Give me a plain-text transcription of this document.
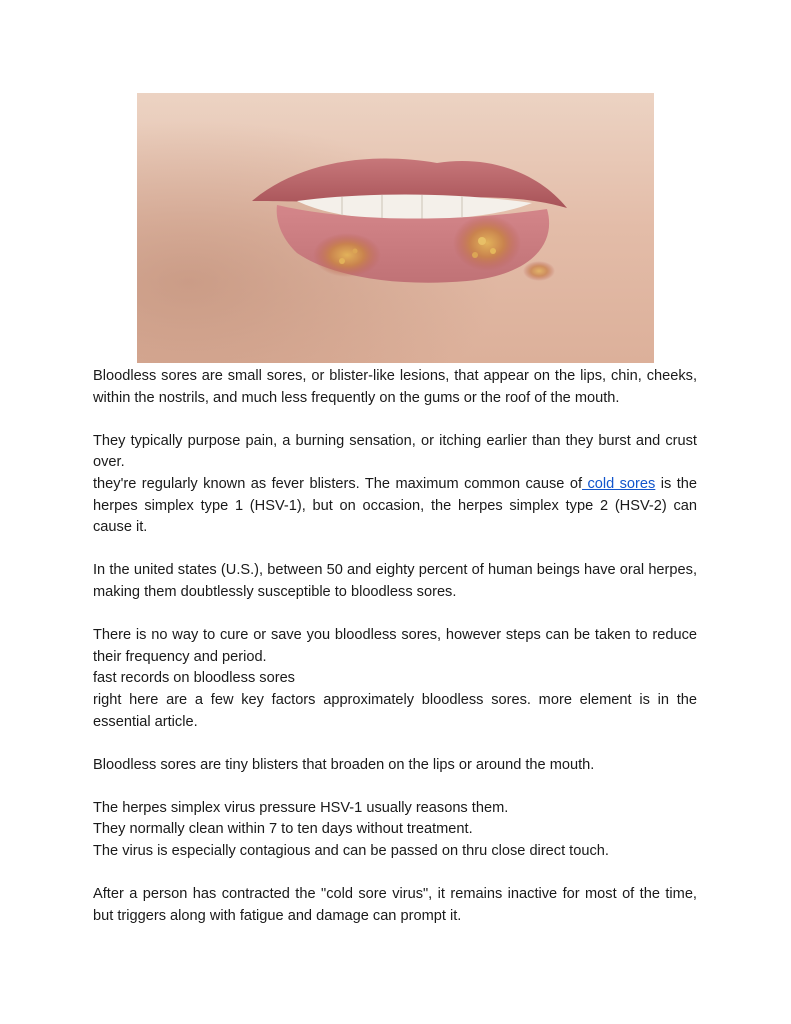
Bloodless sores are small sores, or blister-like lesions, that appear on the lips, chin, cheeks, within the nostrils, and much less frequently on the gums or the roof of the mouth.

They typically purpose pain, a burning sensation, or itching earlier than they burst and crust over.

they're regularly known as fever blisters. The maximum common cause of cold sores is the herpes simplex type 1 (HSV-1), but on occasion, the herpes simplex type 2 (HSV-2) can cause it.

In the united states (U.S.), between 50 and eighty percent of human beings have oral herpes, making them doubtlessly susceptible to bloodless sores.

There is no way to cure or save you bloodless sores, however steps can be taken to reduce their frequency and period.

fast records on bloodless sores

right here are a few key factors approximately bloodless sores. more element is in the essential article.

Bloodless sores are tiny blisters that broaden on the lips or around the mouth.

The herpes simplex virus pressure HSV-1 usually reasons them.

They normally clean within 7 to ten days without treatment.

The virus is especially contagious and can be passed on thru close direct touch.

After a person has contracted the "cold sore virus", it remains inactive for most of the time, but triggers along with fatigue and damage can prompt it.
